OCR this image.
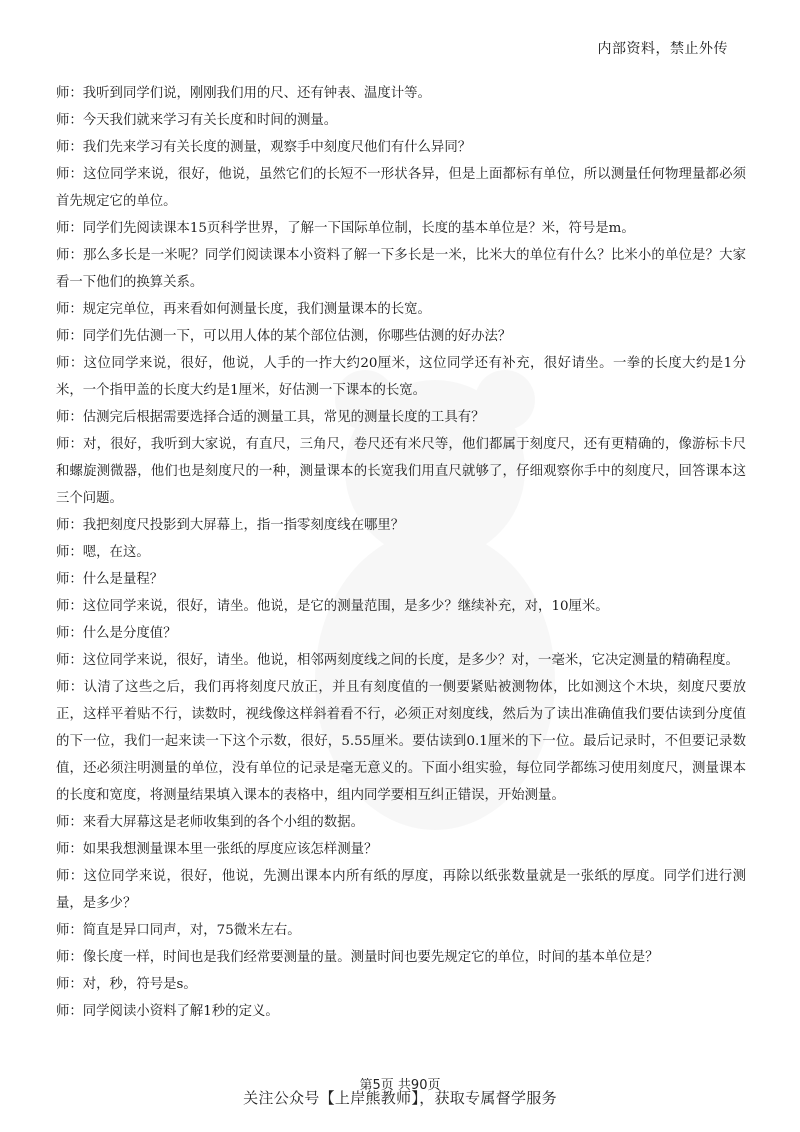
内部资料，禁止外传

师：我听到同学们说，刚刚我们用的尺、还有钟表、温度计等。

师：今天我们就来学习有关长度和时间的测量。

师：我们先来学习有关长度的测量，观察手中刻度尺他们有什么异同？

师：这位同学来说，很好，他说，虽然它们的长短不一形状各异，但是上面都标有单位，所以测量任何物理量都必须首先规定它的单位。

师：同学们先阅读课本15页科学世界，了解一下国际单位制，长度的基本单位是？米，符号是m。

师：那么多长是一米呢？同学们阅读课本小资料了解一下多长是一米，比米大的单位有什么？比米小的单位是？大家看一下他们的换算关系。

师：规定完单位，再来看如何测量长度，我们测量课本的长宽。

师：同学们先估测一下，可以用人体的某个部位估测，你哪些估测的好办法？

师：这位同学来说，很好，他说，人手的一拃大约20厘米，这位同学还有补充，很好请坐。一拳的长度大约是1分米，一个指甲盖的长度大约是1厘米，好估测一下课本的长宽。

师：估测完后根据需要选择合适的测量工具，常见的测量长度的工具有？

师：对，很好，我听到大家说，有直尺，三角尺，卷尺还有米尺等，他们都属于刻度尺，还有更精确的，像游标卡尺和螺旋测微器，他们也是刻度尺的一种，测量课本的长宽我们用直尺就够了，仔细观察你手中的刻度尺，回答课本这三个问题。

师：我把刻度尺投影到大屏幕上，指一指零刻度线在哪里？

师：嗯，在这。

师：什么是量程？

师：这位同学来说，很好，请坐。他说，是它的测量范围，是多少？继续补充，对，10厘米。

师：什么是分度值？

师：这位同学来说，很好，请坐。他说，相邻两刻度线之间的长度，是多少？对，一毫米，它决定测量的精确程度。

师：认清了这些之后，我们再将刻度尺放正，并且有刻度值的一侧要紧贴被测物体，比如测这个木块，刻度尺要放正，这样平着贴不行，读数时，视线像这样斜着看不行，必须正对刻度线，然后为了读出准确值我们要估读到分度值的下一位，我们一起来读一下这个示数，很好，5.55厘米。要估读到0.1厘米的下一位。最后记录时，不但要记录数值，还必须注明测量的单位，没有单位的记录是毫无意义的。下面小组实验，每位同学都练习使用刻度尺，测量课本的长度和宽度，将测量结果填入课本的表格中，组内同学要相互纠正错误，开始测量。

师：来看大屏幕这是老师收集到的各个小组的数据。

师：如果我想测量课本里一张纸的厚度应该怎样测量？

师：这位同学来说，很好，他说，先测出课本内所有纸的厚度，再除以纸张数量就是一张纸的厚度。同学们进行测量，是多少？

师：简直是异口同声，对，75微米左右。

师：像长度一样，时间也是我们经常要测量的量。测量时间也要先规定它的单位，时间的基本单位是？

师：对，秒，符号是s。

师：同学阅读小资料了解1秒的定义。

第5页 共90页
关注公众号【上岸熊教师】，获取专属督学服务
